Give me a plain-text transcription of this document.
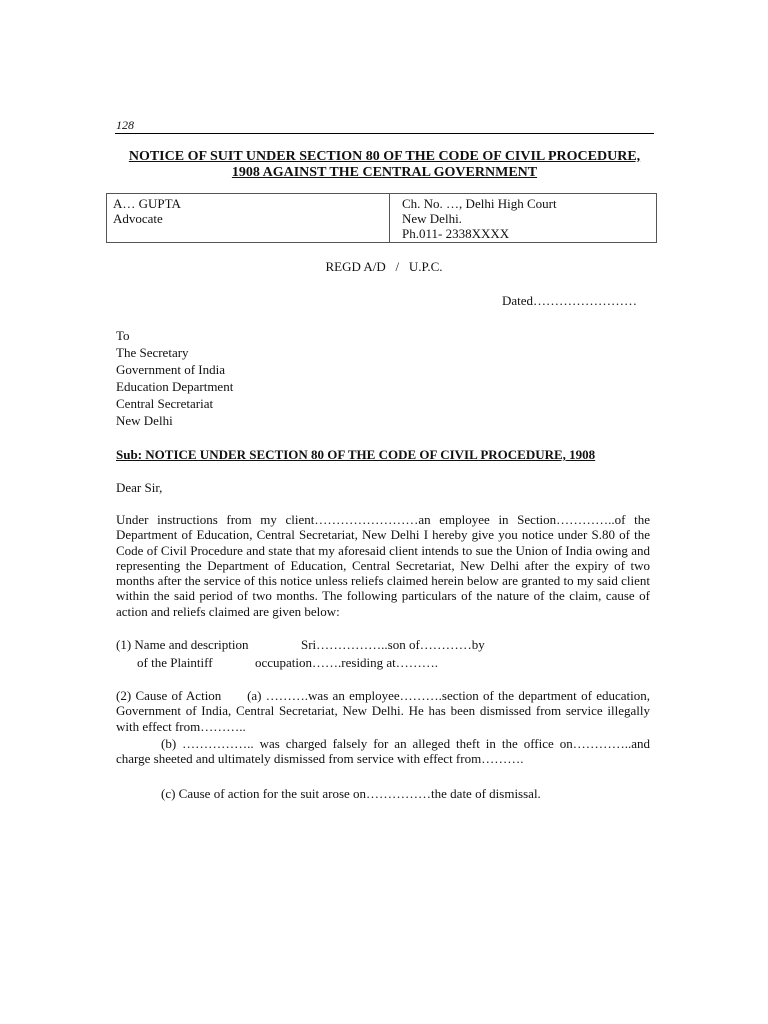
128
NOTICE OF SUIT UNDER SECTION 80 OF THE CODE OF CIVIL PROCEDURE,
1908 AGAINST THE CENTRAL GOVERNMENT
A… GUPTA
Advocate
Ch. No. …, Delhi High Court
New Delhi.
Ph.011- 2338XXXX
REGD A/D   /   U.P.C.
Dated……………………
To
The Secretary
Government of India
Education Department
Central Secretariat
New Delhi
Sub: NOTICE UNDER SECTION 80 OF THE CODE OF CIVIL PROCEDURE, 1908
Dear Sir,
Under instructions from my client……………………an employee in Section…………..of the Department of Education, Central Secretariat, New Delhi I hereby give you notice under S.80 of the Code of Civil Procedure and state that my aforesaid client intends to sue the Union of India owing and representing the Department of Education, Central Secretariat, New Delhi after the expiry of two months after the service of this notice unless reliefs claimed herein below are granted to my said client within the said period of two months. The following particulars of the nature of the claim, cause of action and reliefs claimed are given below:
(1) Name and description	Sri……………..son of…………by
of the Plaintiff	occupation…….residing at……….
(2) Cause of Action      (a) ……….was an employee……….section of the department of education, Government of India, Central Secretariat, New Delhi. He has been dismissed from service illegally with effect from………..
(b) …………….. was charged falsely for an alleged theft in the office on…………..and charge sheeted and ultimately dismissed from service with effect from……….
(c) Cause of action for the suit arose on……………the date of dismissal.
